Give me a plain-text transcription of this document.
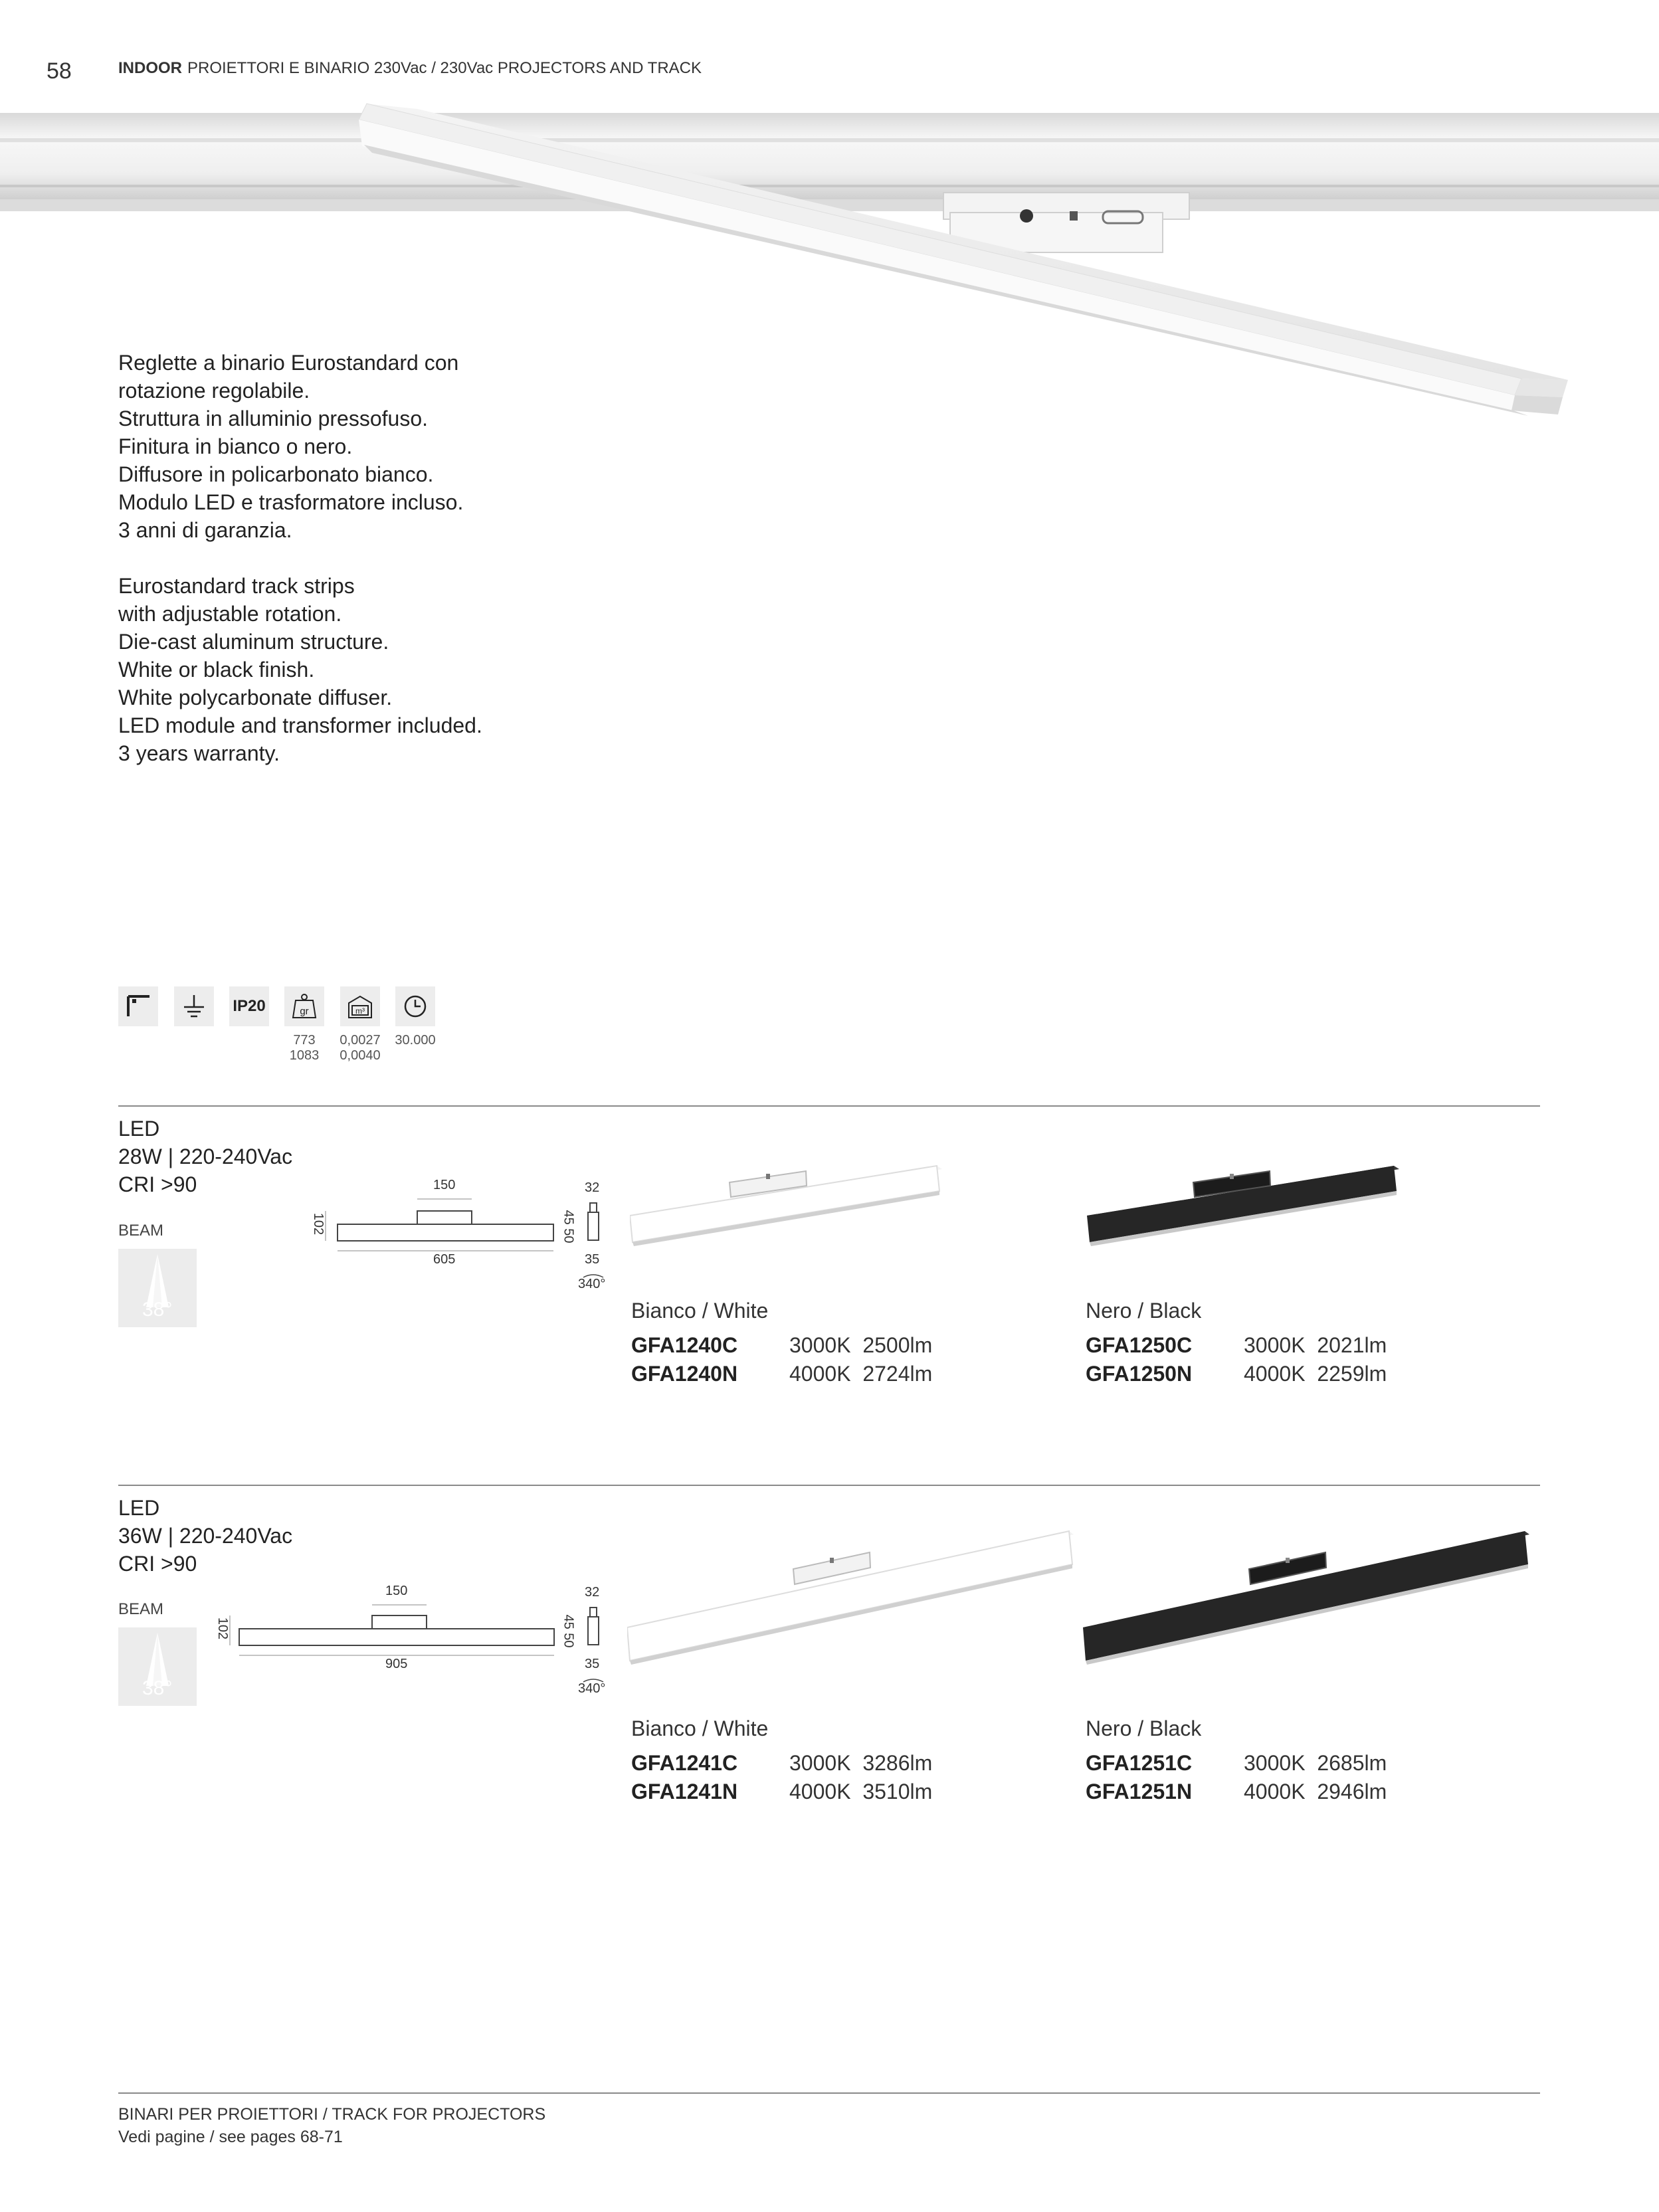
58	INDOOR PROIETTORI E BINARIO 230Vac / 230Vac PROJECTORS AND TRACK

Reglette a binario Eurostandard con

rotazione regolabile.

Struttura in alluminio pressofuso.

Finitura in bianco o nero.

Diffusore in policarbonato bianco.

Modulo LED e trasformatore incluso.

3 anni di garanzia.

Eurostandard track strips

with adjustable rotation.

Die-cast aluminum structure.

White or black finish.

White polycarbonate diffuser.

LED module and transformer included.

3 years warranty.

IP20	gr	m³
773
1083
0,0027
0,0040
30.000
LED
28W | 220-240Vac
CRI >90
BEAM
38°
150
102
605
45 50
32
35
340°
Bianco / White
GFA1240C 3000K 2500lm
GFA1240N 4000K 2724lm
Nero / Black
GFA1250C 3000K 2021lm
GFA1250N 4000K 2259lm
LED
36W | 220-240Vac
CRI >90
BEAM
38°
150
102
905
45 50
32
35
340°
Bianco / White
GFA1241C 3000K 3286lm
GFA1241N 4000K 3510lm
Nero / Black
GFA1251C 3000K 2685lm
GFA1251N 4000K 2946lm
BINARI PER PROIETTORI / TRACK FOR PROJECTORS
Vedi pagine / see pages 68-71
